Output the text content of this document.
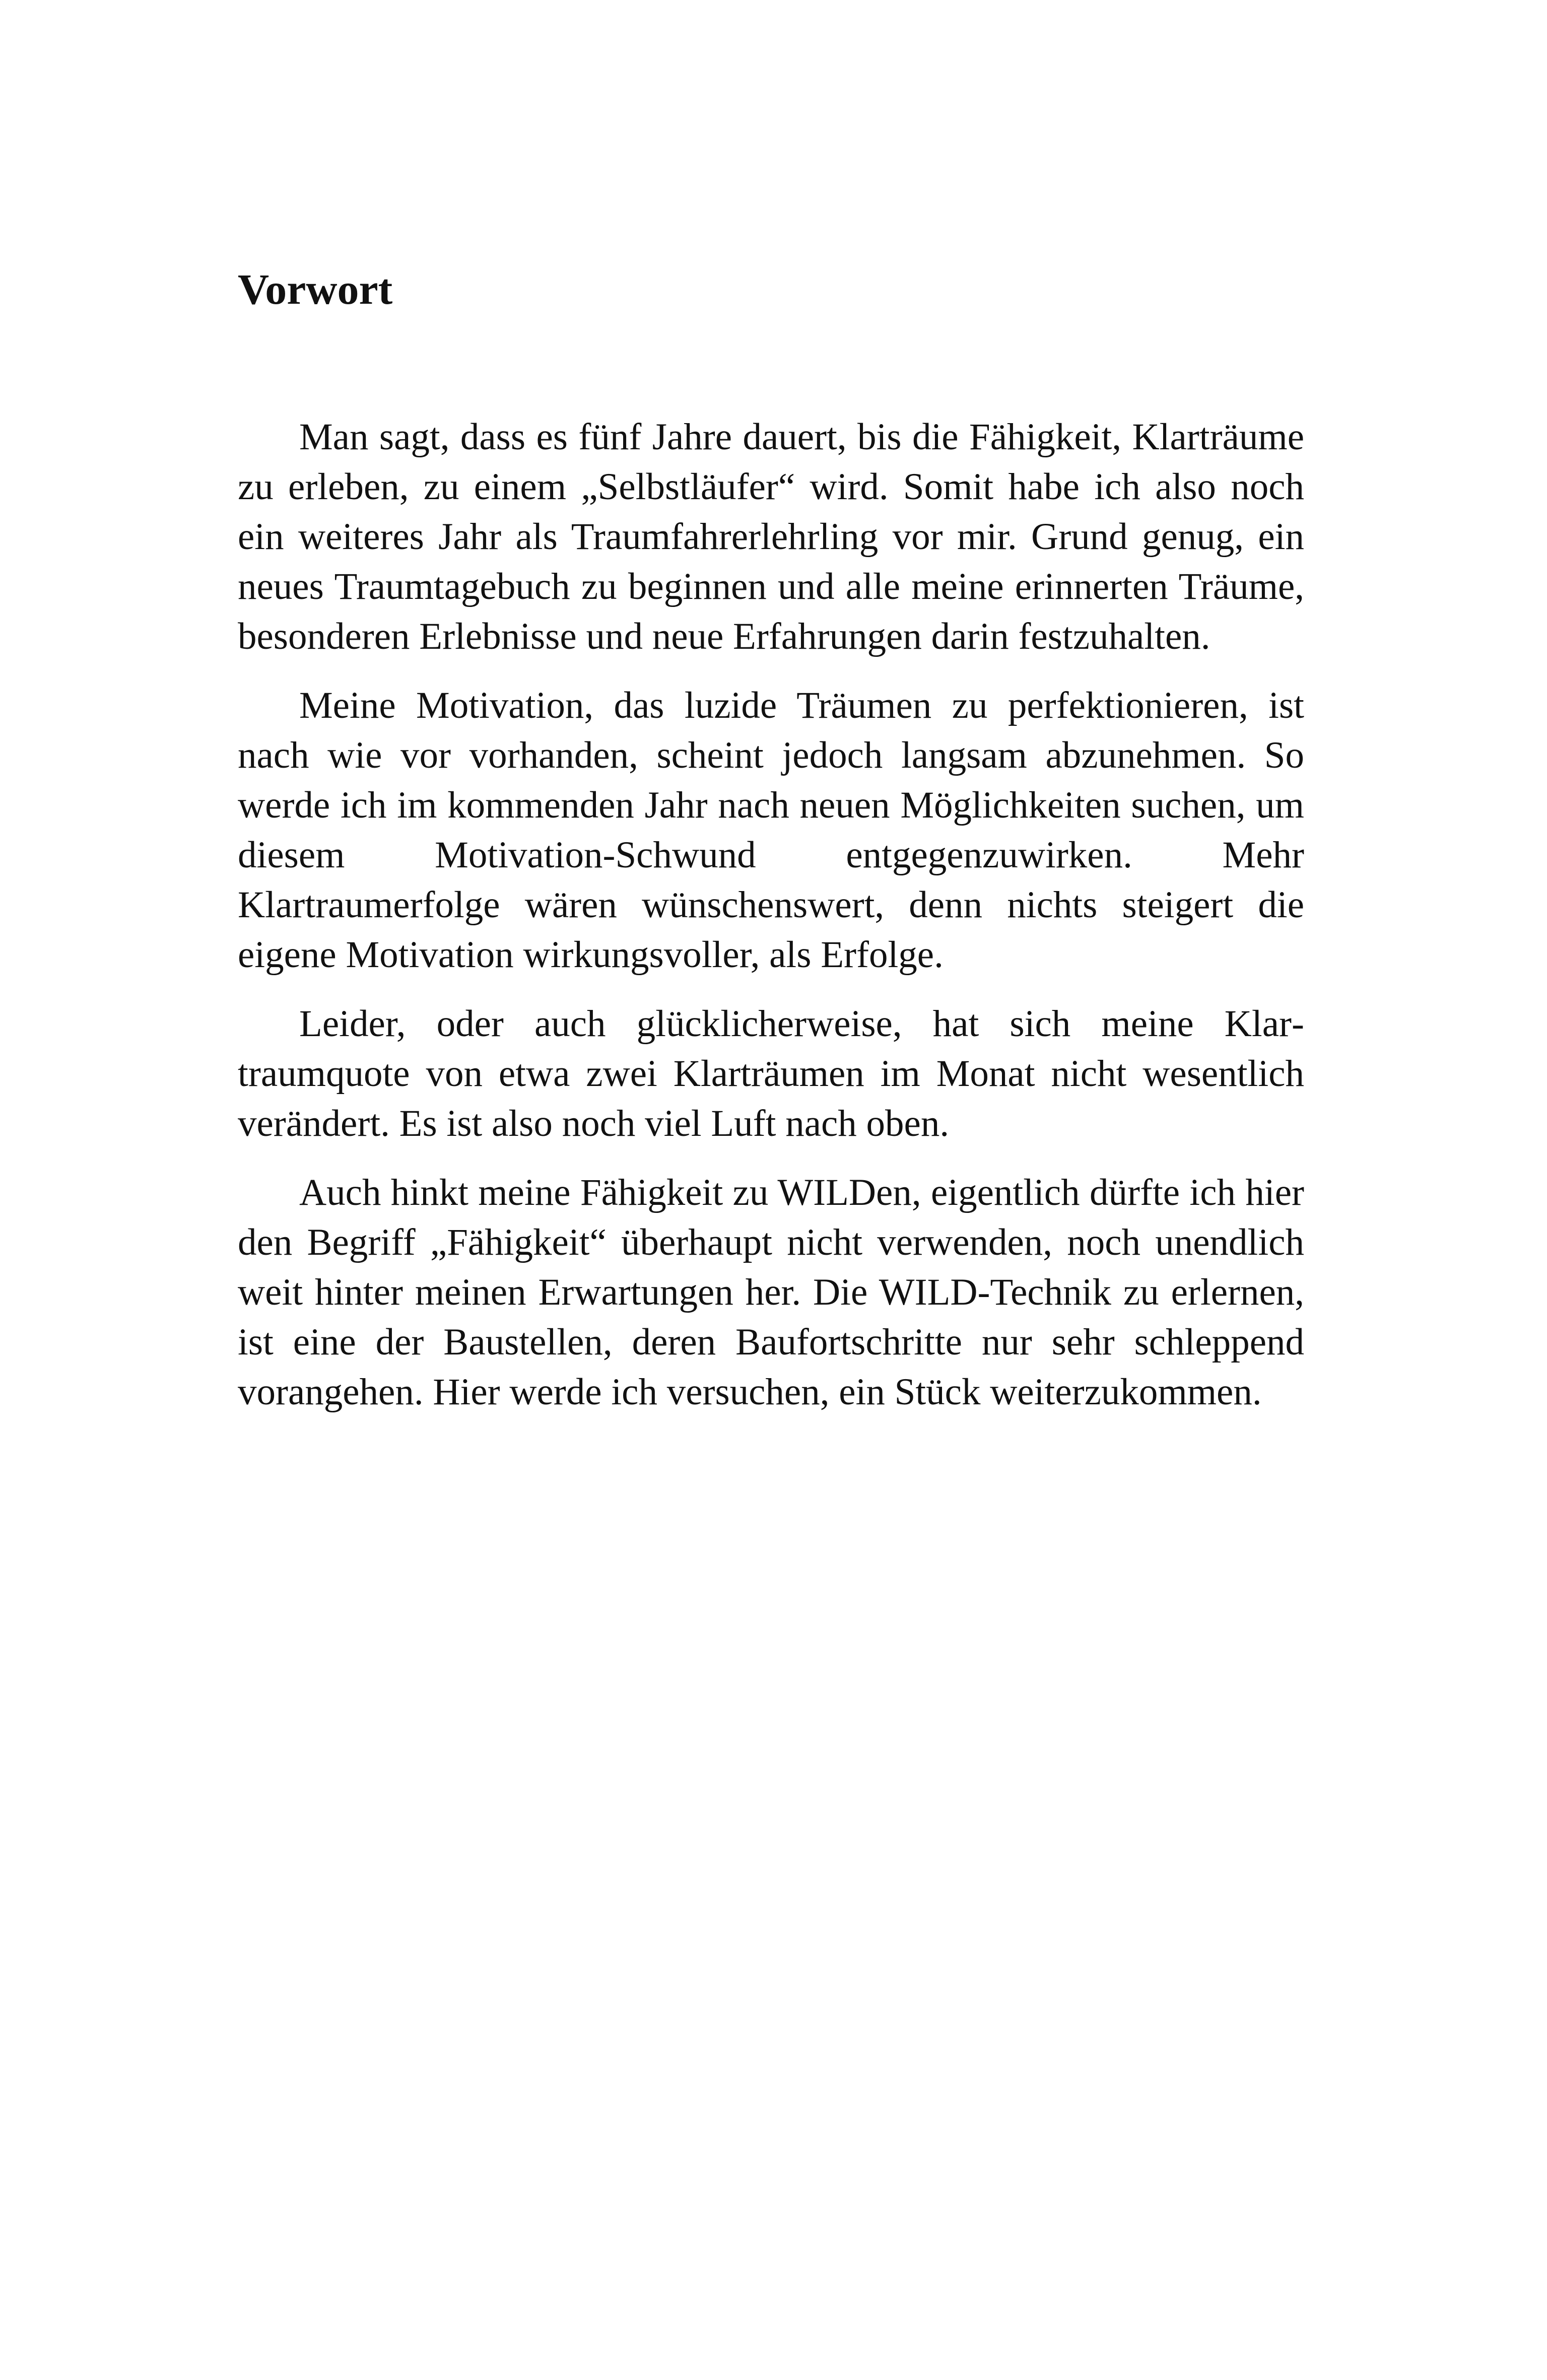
Vorwort

Man sagt, dass es fünf Jahre dauert, bis die Fähigkeit, Klarträume zu erleben, zu einem „Selbstläufer“ wird. Somit habe ich also noch ein weiteres Jahr als Traumfahrerlehrling vor mir. Grund genug, ein neues Traumtagebuch zu beginnen und alle meine erinnerten Träume, besonderen Erlebnisse und neue Erfahrungen darin festzuhalten.

Meine Motivation, das luzide Träumen zu perfektionieren, ist nach wie vor vorhanden, scheint jedoch langsam abzunehmen. So werde ich im kommenden Jahr nach neuen Möglichkeiten suchen, um diesem Motivation-Schwund entgegenzuwirken. Mehr Klartraumerfolge wären wünschenswert, denn nichts steigert die eigene Motivation wirkungsvoller, als Erfolge.

Leider, oder auch glücklicherweise, hat sich meine Klartraumquote von etwa zwei Klarträumen im Monat nicht wesentlich verändert. Es ist also noch viel Luft nach oben.

Auch hinkt meine Fähigkeit zu WILDen, eigentlich dürfte ich hier den Begriff „Fähigkeit“ überhaupt nicht verwenden, noch unendlich weit hinter meinen Erwartungen her. Die WILD-Technik zu erlernen, ist eine der Baustellen, deren Baufortschritte nur sehr schleppend vorangehen. Hier werde ich versuchen, ein Stück weiterzukommen.
